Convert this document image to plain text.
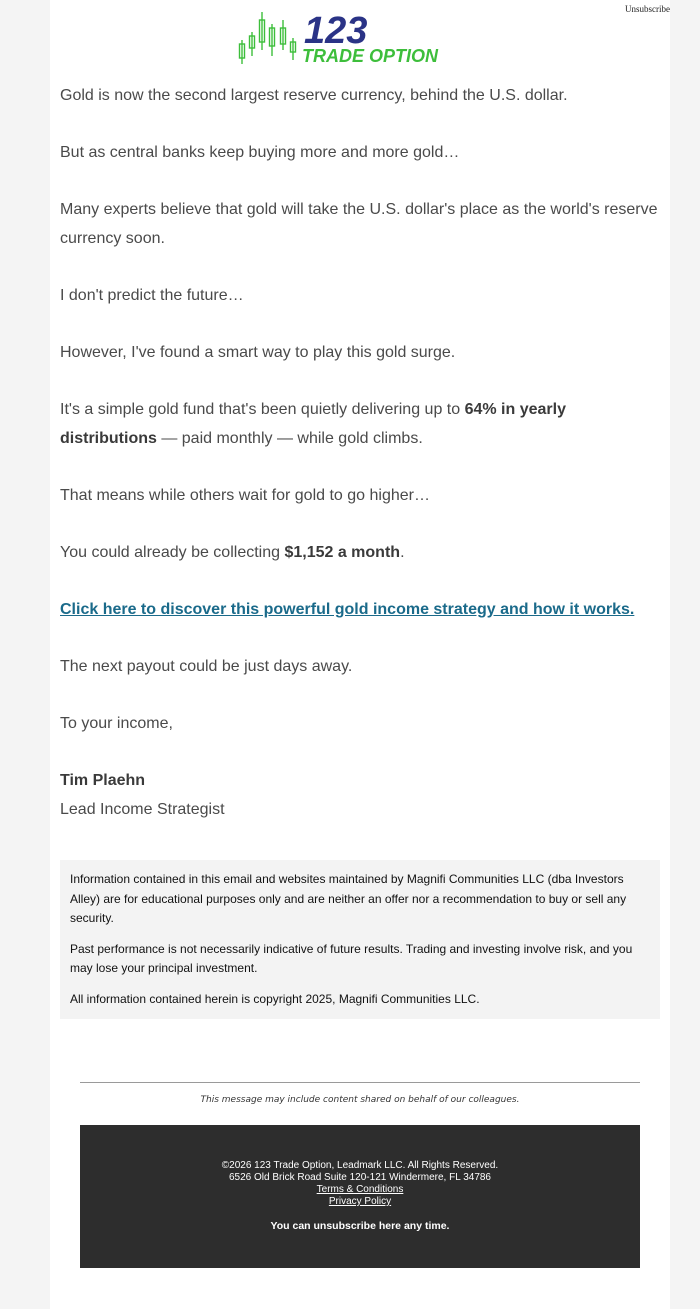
Unsubscribe
123
TRADE OPTION

Gold is now the second largest reserve currency, behind the U.S. dollar.

But as central banks keep buying more and more gold…

Many experts believe that gold will take the U.S. dollar's place as the world's reserve currency soon.

I don't predict the future…

However, I've found a smart way to play this gold surge.

It's a simple gold fund that's been quietly delivering up to 64% in yearly distributions — paid monthly — while gold climbs.

That means while others wait for gold to go higher…

You could already be collecting $1,152 a month.

Click here to discover this powerful gold income strategy and how it works.

The next payout could be just days away.

To your income,

Tim Plaehn

Lead Income Strategist

Information contained in this email and websites maintained by Magnifi Communities LLC (dba Investors Alley) are for educational purposes only and are neither an offer nor a recommendation to buy or sell any security.

Past performance is not necessarily indicative of future results. Trading and investing involve risk, and you may lose your principal investment.

All information contained herein is copyright 2025, Magnifi Communities LLC.

This message may include content shared on behalf of our colleagues.
©2026 123 Trade Option, Leadmark LLC. All Rights Reserved.
6526 Old Brick Road Suite 120-121 Windermere, FL 34786
Terms & Conditions
Privacy Policy
You can unsubscribe here any time.
